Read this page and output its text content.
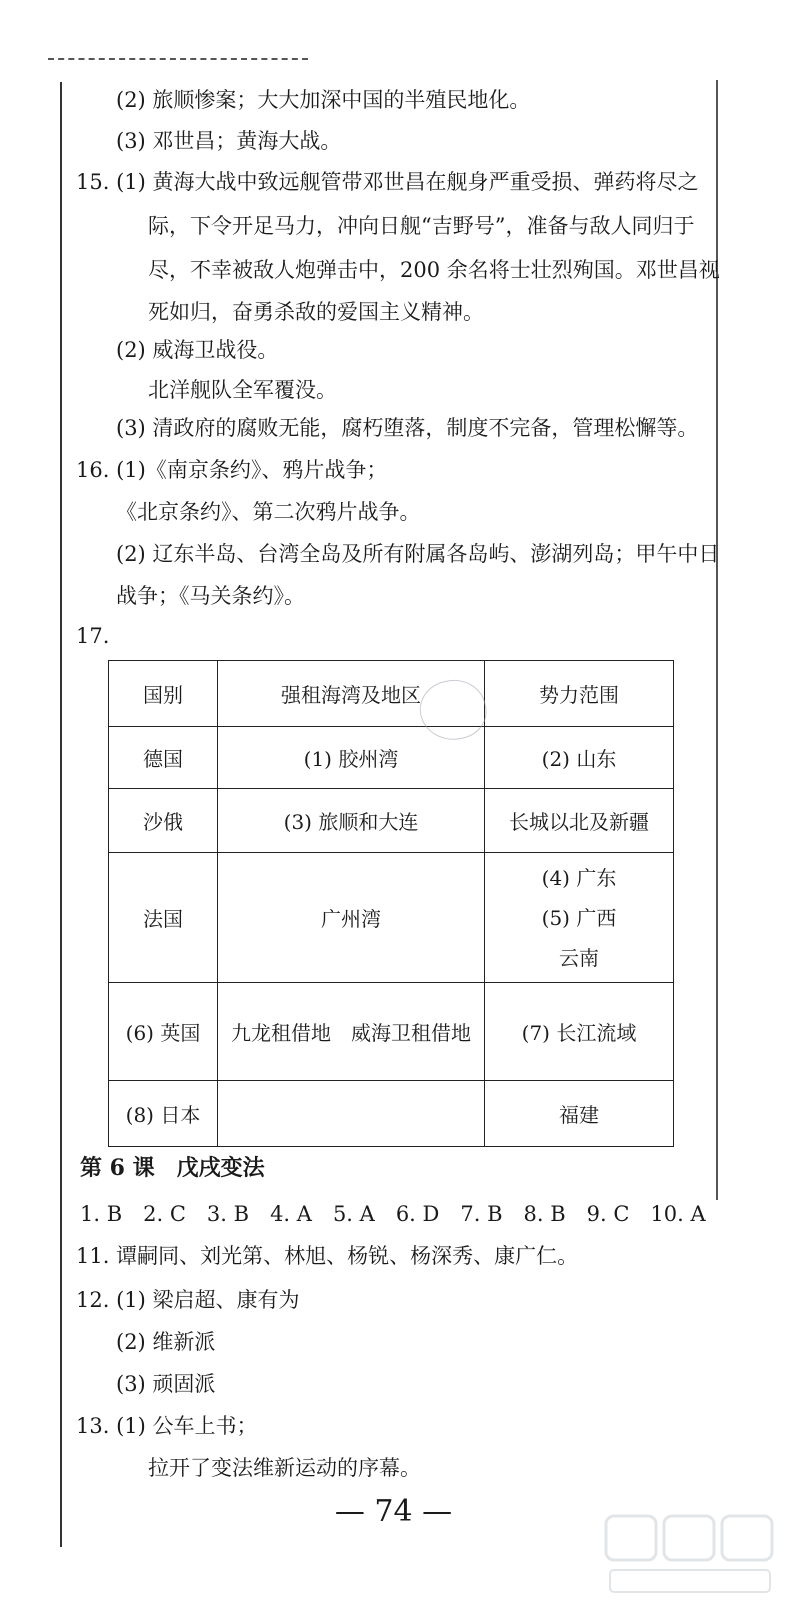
(2) 旅顺惨案；大大加深中国的半殖民地化。
(3) 邓世昌；黄海大战。
15. (1) 黄海大战中致远舰管带邓世昌在舰身严重受损、弹药将尽之
际，下令开足马力，冲向日舰“吉野号”，准备与敌人同归于
尽，不幸被敌人炮弹击中，200 余名将士壮烈殉国。邓世昌视
死如归，奋勇杀敌的爱国主义精神。
(2) 威海卫战役。
北洋舰队全军覆没。
(3) 清政府的腐败无能，腐朽堕落，制度不完备，管理松懈等。
16. (1)《南京条约》、鸦片战争；
《北京条约》、第二次鸦片战争。
(2) 辽东半岛、台湾全岛及所有附属各岛屿、澎湖列岛；甲午中日
战争；《马关条约》。
17.
国别	强租海湾及地区	势力范围
德国	(1) 胶州湾	(2) 山东
沙俄	(3) 旅顺和大连	长城以北及新疆
法国	广州湾	(4) 广东
(5) 广西
云南

(6) 英国	九龙租借地　威海卫租借地	(7) 长江流域
(8) 日本		福建
第 6 课　戊戌变法
1. B　2. C　3. B　4. A　5. A　6. D　7. B　8. B　9. C　10. A
11. 谭嗣同、刘光第、林旭、杨锐、杨深秀、康广仁。
12. (1) 梁启超、康有为
(2) 维新派
(3) 顽固派
13. (1) 公车上书；
拉开了变法维新运动的序幕。
— 74 —
